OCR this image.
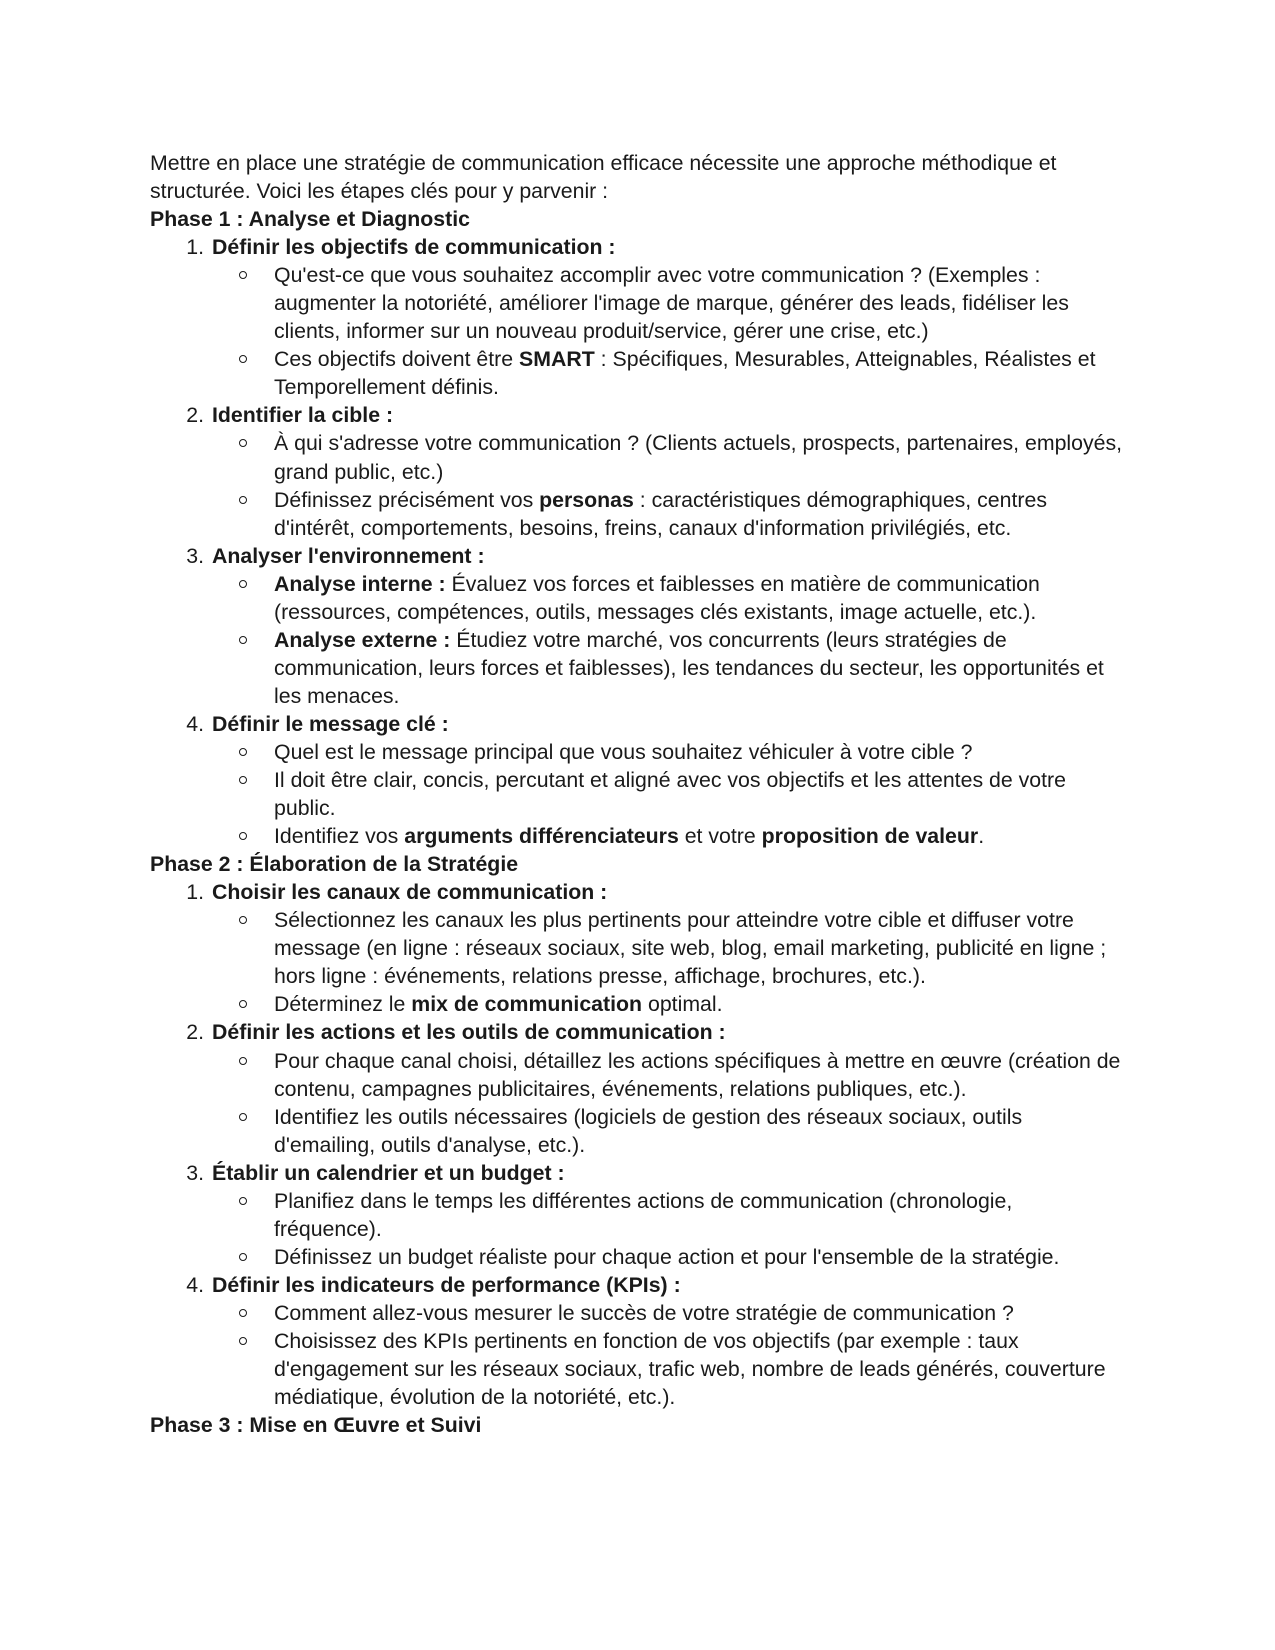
Mettre en place une stratégie de communication efficace nécessite une approche méthodique et structurée. Voici les étapes clés pour y parvenir :

Phase 1 : Analyse et Diagnostic

1. Définir les objectifs de communication :
Qu'est-ce que vous souhaitez accomplir avec votre communication ? (Exemples : augmenter la notoriété, améliorer l'image de marque, générer des leads, fidéliser les clients, informer sur un nouveau produit/service, gérer une crise, etc.)
Ces objectifs doivent être SMART : Spécifiques, Mesurables, Atteignables, Réalistes et Temporellement définis.
2. Identifier la cible :
À qui s'adresse votre communication ? (Clients actuels, prospects, partenaires, employés, grand public, etc.)
Définissez précisément vos personas : caractéristiques démographiques, centres d'intérêt, comportements, besoins, freins, canaux d'information privilégiés, etc.
3. Analyser l'environnement :
Analyse interne : Évaluez vos forces et faiblesses en matière de communication (ressources, compétences, outils, messages clés existants, image actuelle, etc.).
Analyse externe : Étudiez votre marché, vos concurrents (leurs stratégies de communication, leurs forces et faiblesses), les tendances du secteur, les opportunités et les menaces.
4. Définir le message clé :
Quel est le message principal que vous souhaitez véhiculer à votre cible ?
Il doit être clair, concis, percutant et aligné avec vos objectifs et les attentes de votre public.
Identifiez vos arguments différenciateurs et votre proposition de valeur.

Phase 2 : Élaboration de la Stratégie

1. Choisir les canaux de communication :
Sélectionnez les canaux les plus pertinents pour atteindre votre cible et diffuser votre message (en ligne : réseaux sociaux, site web, blog, email marketing, publicité en ligne ; hors ligne : événements, relations presse, affichage, brochures, etc.).
Déterminez le mix de communication optimal.
2. Définir les actions et les outils de communication :
Pour chaque canal choisi, détaillez les actions spécifiques à mettre en œuvre (création de contenu, campagnes publicitaires, événements, relations publiques, etc.).
Identifiez les outils nécessaires (logiciels de gestion des réseaux sociaux, outils d'emailing, outils d'analyse, etc.).
3. Établir un calendrier et un budget :
Planifiez dans le temps les différentes actions de communication (chronologie, fréquence).
Définissez un budget réaliste pour chaque action et pour l'ensemble de la stratégie.
4. Définir les indicateurs de performance (KPIs) :
Comment allez-vous mesurer le succès de votre stratégie de communication ?
Choisissez des KPIs pertinents en fonction de vos objectifs (par exemple : taux d'engagement sur les réseaux sociaux, trafic web, nombre de leads générés, couverture médiatique, évolution de la notoriété, etc.).

Phase 3 : Mise en Œuvre et Suivi
